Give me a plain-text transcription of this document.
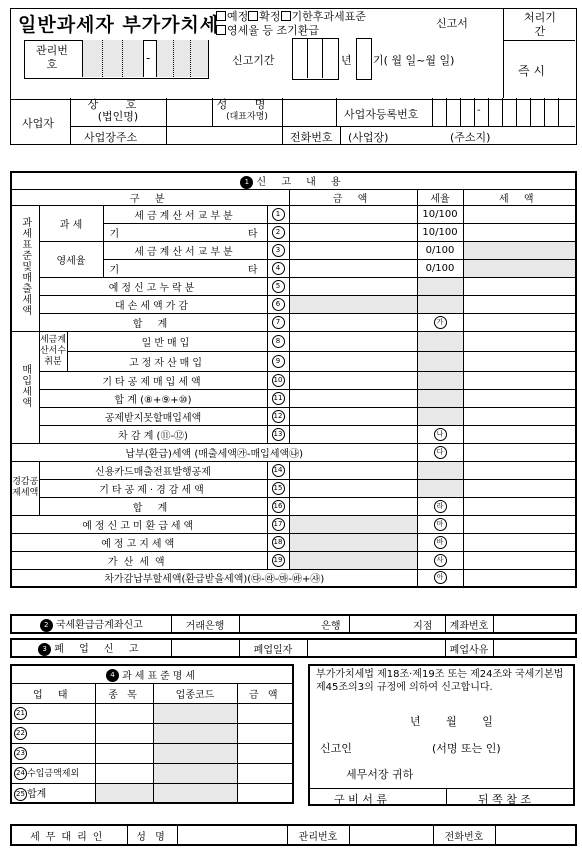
일반과세자 부가가치세 예정 확정 기한후과세표준
영세율 등 조기환급
신고서	처리기간
즉 시
관리번호	-	신고기간	년 기( 월 일~월 일)
사업자
상 호
(법인명)
성 명
(대표자명)	사업자등록번호	-
사업장주소	전화번호 (사업장)	(주소지)
1 신 고 내 용							
구 분					금 액	세율	세 액
과세표준및매출세액	과 세		세금계산서교부분	1		10/100	
			기 타	2		10/100	
	영세율		세금계산서교부분	3		0/100	
			기 타	4		0/100	
	예정신고누락분			5			
	대손세액가감			6			
	합 계			7		가	
매입세액	세금계산서수취분	일반매입		8			
		고정자산매입		9			
	기타공제매입세액			10			
	합 계 (⑧+⑨+⑩)			11			
	공제받지못할매입세액			12			
	차 감 계 (⑪-⑫)			13		나	
납부(환급)세액 (매출세액㉮-매입세액㉯)						다	
경감공제세액	신용카드매출전표발행공제			14			
	기타공제·경감세액			15			
	합 계			16		라	
예정신고미환급세액				17		마	
예정고지세액				18		바	
가산세액				19		사	
차가감납부할세액(환급받을세액)(㉰-㉱-㉲-㉳+㉴)						아	
2 국세환급금계좌신고	거래은행	은행	지점	계좌번호	
3 폐 업 신 고		폐업일자		폐업사유	
4 과세표준명세			
업 태	종 목	업종코드	금 액
21			
22			
23			
24 수입금액제외			
25 합계			
부가가치세법 제18조·제19조 또는 제24조와 국세기본법 제45조의3의 규정에 의하여 신고합니다.
년 월 일
신고인	(서명 또는 인)
세무서장 귀하
구 비 서 류	뒤 쪽 참 조
세무대리인	성 명		관리번호		전화번호	
